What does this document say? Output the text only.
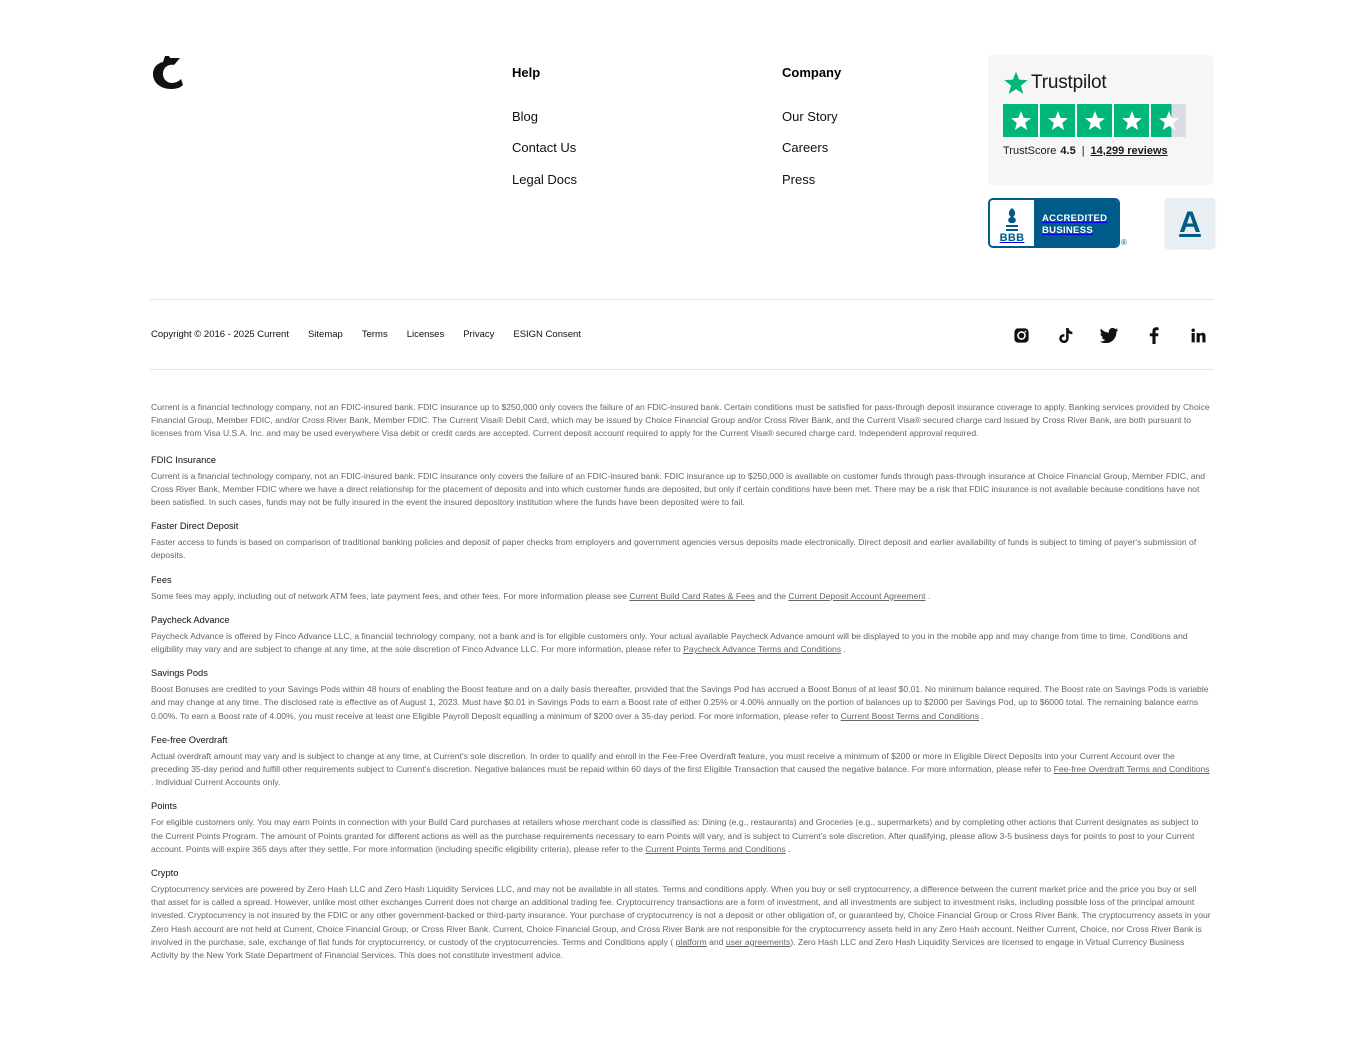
Help
Blog
Contact Us
Legal Docs
Company
Our Story
Careers
Press
Trustpilot
TrustScore 4.5 | 14,299 reviews
BBB
ACCREDITED
BUSINESS
®
A
Copyright © 2016 - 2025 Current Sitemap Terms Licenses Privacy ESIGN Consent

Current is a financial technology company, not an FDIC-insured bank. FDIC insurance up to $250,000 only covers the failure of an FDIC-insured bank. Certain conditions must be satisfied for pass-through deposit insurance coverage to apply. Banking services provided by Choice Financial Group, Member FDIC, and/or Cross River Bank, Member FDIC. The Current Visa® Debit Card, which may be issued by Choice Financial Group and/or Cross River Bank, and the Current Visa® secured charge card issued by Cross River Bank, are both pursuant to licenses from Visa U.S.A. Inc. and may be used everywhere Visa debit or credit cards are accepted. Current deposit account required to apply for the Current Visa® secured charge card. Independent approval required.

FDIC Insurance

Current is a financial technology company, not an FDIC-insured bank. FDIC insurance only covers the failure of an FDIC-insured bank. FDIC insurance up to $250,000 is available on customer funds through pass-through insurance at Choice Financial Group, Member FDIC, and Cross River Bank, Member FDIC where we have a direct relationship for the placement of deposits and into which customer funds are deposited, but only if certain conditions have been met. There may be a risk that FDIC insurance is not available because conditions have not been satisfied. In such cases, funds may not be fully insured in the event the insured depository institution where the funds have been deposited were to fail.

Faster Direct Deposit

Faster access to funds is based on comparison of traditional banking policies and deposit of paper checks from employers and government agencies versus deposits made electronically. Direct deposit and earlier availability of funds is subject to timing of payer's submission of deposits.

Fees

Some fees may apply, including out of network ATM fees, late payment fees, and other fees. For more information please see Current Build Card Rates & Fees and the Current Deposit Account Agreement .

Paycheck Advance

Paycheck Advance is offered by Finco Advance LLC, a financial technology company, not a bank and is for eligible customers only. Your actual available Paycheck Advance amount will be displayed to you in the mobile app and may change from time to time. Conditions and eligibility may vary and are subject to change at any time, at the sole discretion of Finco Advance LLC. For more information, please refer to Paycheck Advance Terms and Conditions .

Savings Pods

Boost Bonuses are credited to your Savings Pods within 48 hours of enabling the Boost feature and on a daily basis thereafter, provided that the Savings Pod has accrued a Boost Bonus of at least $0.01. No minimum balance required. The Boost rate on Savings Pods is variable and may change at any time. The disclosed rate is effective as of August 1, 2023. Must have $0.01 in Savings Pods to earn a Boost rate of either 0.25% or 4.00% annually on the portion of balances up to $2000 per Savings Pod, up to $6000 total. The remaining balance earns 0.00%. To earn a Boost rate of 4.00%, you must receive at least one Eligible Payroll Deposit equalling a minimum of $200 over a 35-day period. For more information, please refer to Current Boost Terms and Conditions .

Fee-free Overdraft

Actual overdraft amount may vary and is subject to change at any time, at Current's sole discretion. In order to qualify and enroll in the Fee-Free Overdraft feature, you must receive a minimum of $200 or more in Eligible Direct Deposits into your Current Account over the preceding 35-day period and fulfill other requirements subject to Current's discretion. Negative balances must be repaid within 60 days of the first Eligible Transaction that caused the negative balance. For more information, please refer to Fee-free Overdraft Terms and Conditions . Individual Current Accounts only.

Points

For eligible customers only. You may earn Points in connection with your Build Card purchases at retailers whose merchant code is classified as: Dining (e.g., restaurants) and Groceries (e.g., supermarkets) and by completing other actions that Current designates as subject to the Current Points Program. The amount of Points granted for different actions as well as the purchase requirements necessary to earn Points will vary, and is subject to Current's sole discretion. After qualifying, please allow 3-5 business days for points to post to your Current account. Points will expire 365 days after they settle. For more information (including specific eligibility criteria), please refer to the Current Points Terms and Conditions .

Crypto

Cryptocurrency services are powered by Zero Hash LLC and Zero Hash Liquidity Services LLC, and may not be available in all states. Terms and conditions apply. When you buy or sell cryptocurrency, a difference between the current market price and the price you buy or sell that asset for is called a spread. However, unlike most other exchanges Current does not charge an additional trading fee. Cryptocurrency transactions are a form of investment, and all investments are subject to investment risks, including possible loss of the principal amount invested. Cryptocurrency is not insured by the FDIC or any other government-backed or third-party insurance. Your purchase of cryptocurrency is not a deposit or other obligation of, or guaranteed by, Choice Financial Group or Cross River Bank. The cryptocurrency assets in your Zero Hash account are not held at Current, Choice Financial Group, or Cross River Bank. Current, Choice Financial Group, and Cross River Bank are not responsible for the cryptocurrency assets held in any Zero Hash account. Neither Current, Choice, nor Cross River Bank is involved in the purchase, sale, exchange of fiat funds for cryptocurrency, or custody of the cryptocurrencies. Terms and Conditions apply ( platform and user agreements). Zero Hash LLC and Zero Hash Liquidity Services are licensed to engage in Virtual Currency Business Activity by the New York State Department of Financial Services. This does not constitute investment advice.
